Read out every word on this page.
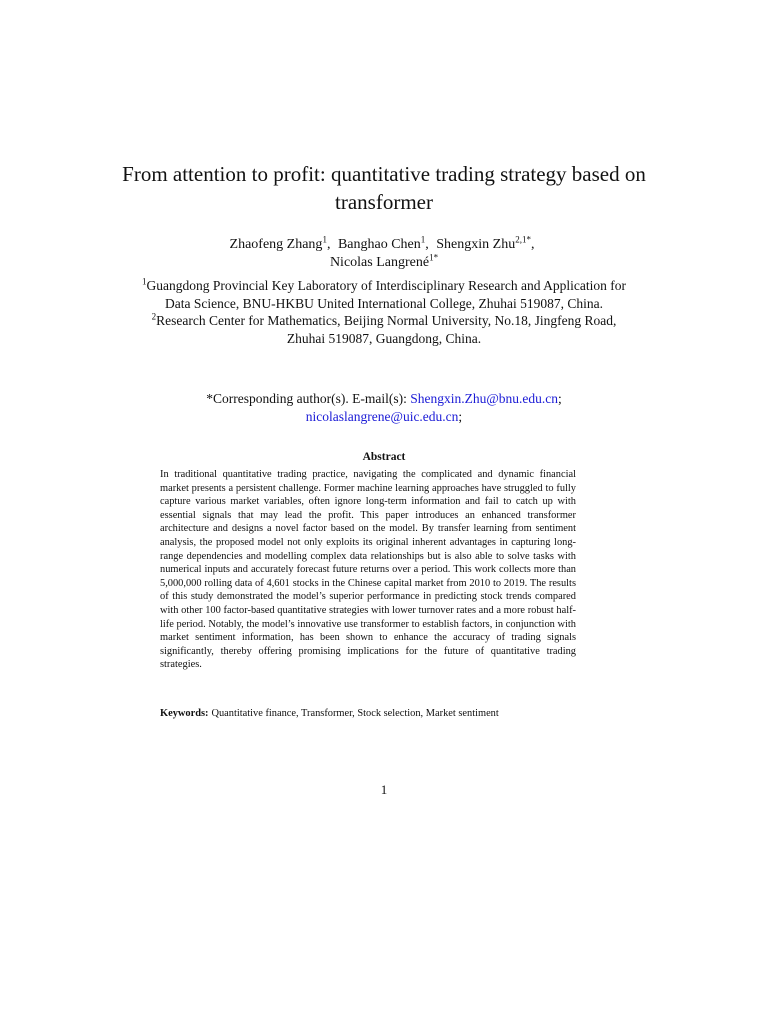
From attention to profit: quantitative trading strategy based on transformer
Zhaofeng Zhang$^1$, Banghao Chen$^1$, Shengxin Zhu$^{2,1*}$,
Nicolas Langrené$^{1*}$

$^1$Guangdong Provincial Key Laboratory of Interdisciplinary Research and Application for Data Science, BNU-HKBU United International College, Zhuhai 519087, China.

$^2$Research Center for Mathematics, Beijing Normal University, No.18, Jingfeng Road, Zhuhai 519087, Guangdong, China.

*Corresponding author(s). E-mail(s): Shengxin.Zhu@bnu.edu.cn;
nicolaslangrene@uic.edu.cn;
Abstract

In traditional quantitative trading practice, navigating the complicated and dynamic financial market presents a persistent challenge. Former machine learning approaches have struggled to fully capture various market variables, often ignore long-term information and fail to catch up with essential signals that may lead the profit. This paper introduces an enhanced transformer architecture and designs a novel factor based on the model. By transfer learning from sentiment analysis, the proposed model not only exploits its original inherent advantages in capturing long-range dependencies and modelling complex data relationships but is also able to solve tasks with numerical inputs and accurately forecast future returns over a period. This work collects more than 5,000,000 rolling data of 4,601 stocks in the Chinese capital market from 2010 to 2019. The results of this study demonstrated the model’s superior performance in predicting stock trends compared with other 100 factor-based quantitative strategies with lower turnover rates and a more robust half-life period. Notably, the model’s innovative use transformer to establish factors, in conjunction with market sentiment information, has been shown to enhance the accuracy of trading signals significantly, thereby offering promising implications for the future of quantitative trading strategies.

Keywords: Quantitative finance, Transformer, Stock selection, Market sentiment
1
